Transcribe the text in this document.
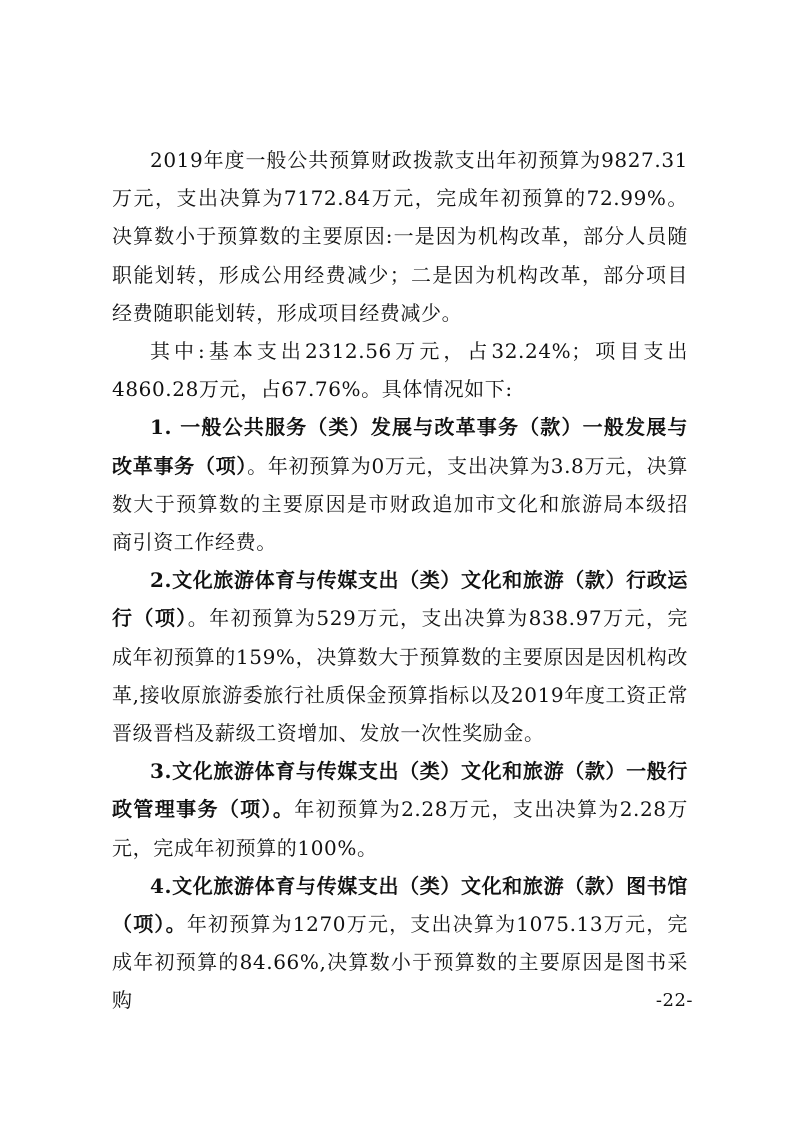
2019年度一般公共预算财政拨款支出年初预算为9827.31万元，支出决算为7172.84万元，完成年初预算的72.99%。决算数小于预算数的主要原因:一是因为机构改革，部分人员随职能划转，形成公用经费减少；二是因为机构改革，部分项目经费随职能划转，形成项目经费减少。

其中:基本支出2312.56万元，占32.24%；项目支出4860.28万元，占67.76%。具体情况如下:

1. 一般公共服务（类）发展与改革事务（款）一般发展与改革事务（项）。年初预算为0万元，支出决算为3.8万元，决算数大于预算数的主要原因是市财政追加市文化和旅游局本级招商引资工作经费。

2.文化旅游体育与传媒支出（类）文化和旅游（款）行政运行（项）。年初预算为529万元，支出决算为838.97万元，完成年初预算的159%，决算数大于预算数的主要原因是因机构改革,接收原旅游委旅行社质保金预算指标以及2019年度工资正常晋级晋档及薪级工资增加、发放一次性奖励金。

3.文化旅游体育与传媒支出（类）文化和旅游（款）一般行政管理事务（项）。年初预算为2.28万元，支出决算为2.28万元，完成年初预算的100%。

4.文化旅游体育与传媒支出（类）文化和旅游（款）图书馆（项）。年初预算为1270万元，支出决算为1075.13万元，完成年初预算的84.66%,决算数小于预算数的主要原因是图书采购	-22-
